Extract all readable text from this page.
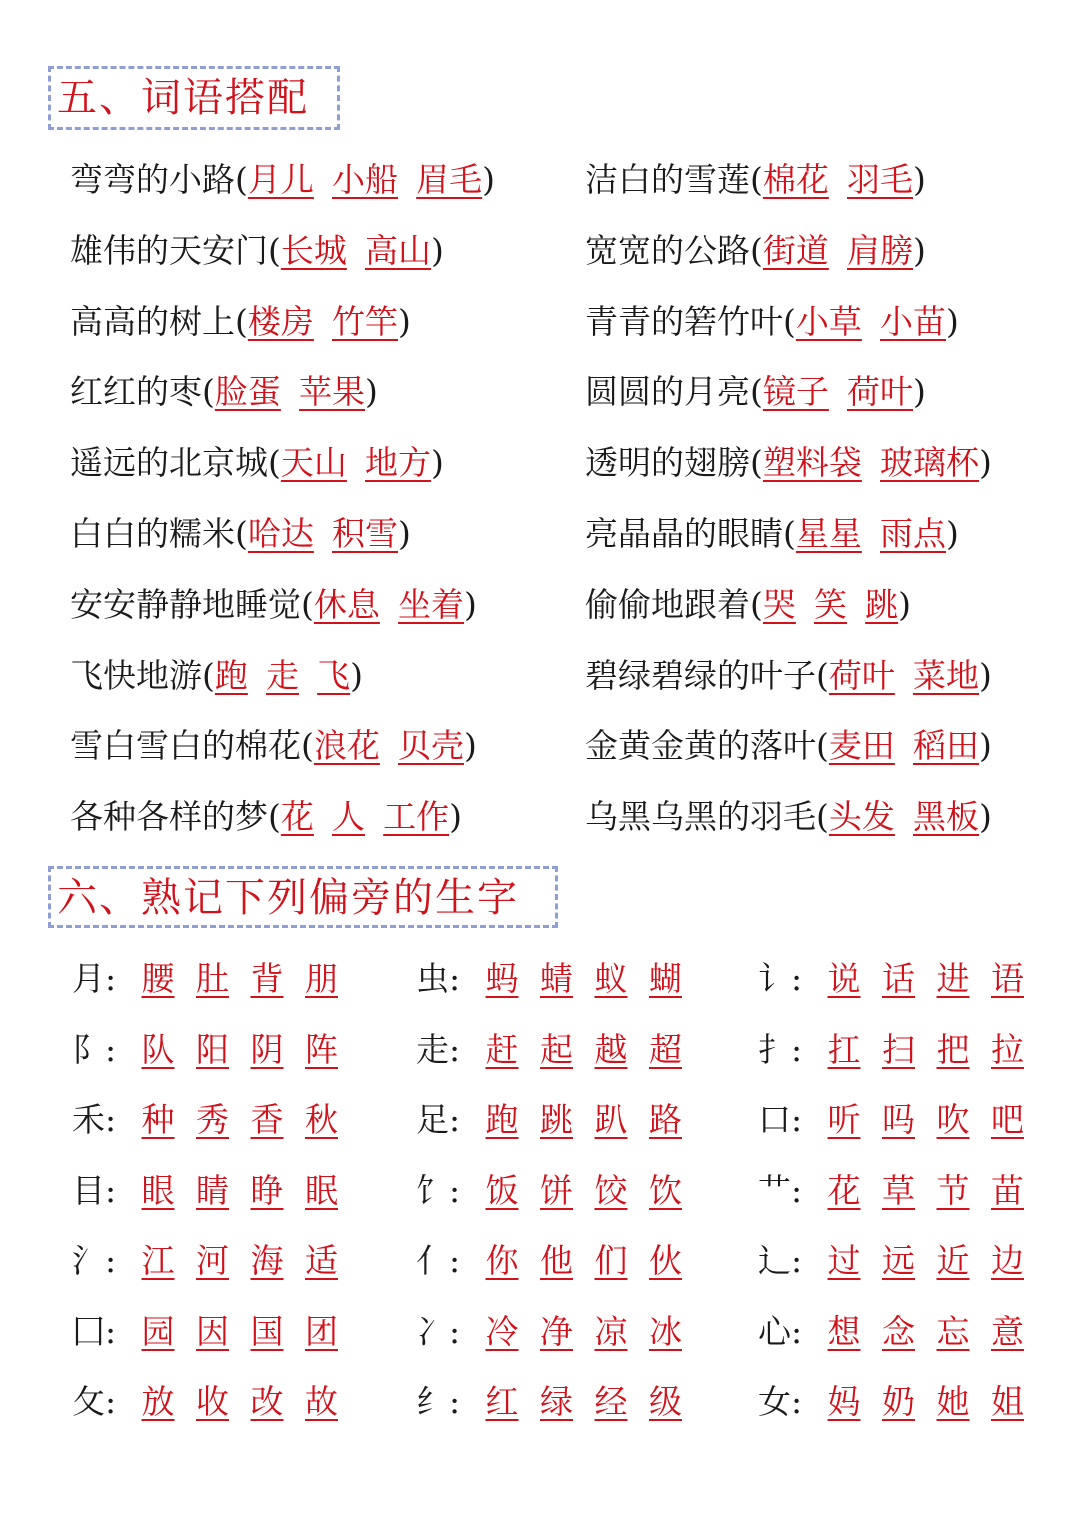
五、词语搭配
弯弯的小路(月儿 小船 眉毛)
雄伟的天安门(长城 高山)
高高的树上(楼房 竹竿)
红红的枣(脸蛋 苹果)
遥远的北京城(天山 地方)
白白的糯米(哈达 积雪)
安安静静地睡觉(休息 坐着)
飞快地游(跑 走 飞)
雪白雪白的棉花(浪花 贝壳)
各种各样的梦(花 人 工作)
洁白的雪莲(棉花 羽毛)
宽宽的公路(街道 肩膀)
青青的箬竹叶(小草 小苗)
圆圆的月亮(镜子 荷叶)
透明的翅膀(塑料袋 玻璃杯)
亮晶晶的眼睛(星星 雨点)
偷偷地跟着(哭 笑 跳)
碧绿碧绿的叶子(荷叶 菜地)
金黄金黄的落叶(麦田 稻田)
乌黑乌黑的羽毛(头发 黑板)
六、熟记下列偏旁的生字
月: 腰 肚 背 朋
阝: 队 阳 阴 阵
禾: 种 秀 香 秋
目: 眼 睛 睁 眠
氵: 江 河 海 适
囗: 园 因 国 团
攵: 放 收 改 故
虫: 蚂 蜻 蚁 蝴
走: 赶 起 越 超
足: 跑 跳 趴 路
饣: 饭 饼 饺 饮
亻: 你 他 们 伙
冫: 冷 净 凉 冰
纟: 红 绿 经 级
讠: 说 话 进 语
扌: 扛 扫 把 拉
口: 听 吗 吹 吧
艹: 花 草 节 苗
辶: 过 远 近 边
心: 想 念 忘 意
女: 妈 奶 她 姐
